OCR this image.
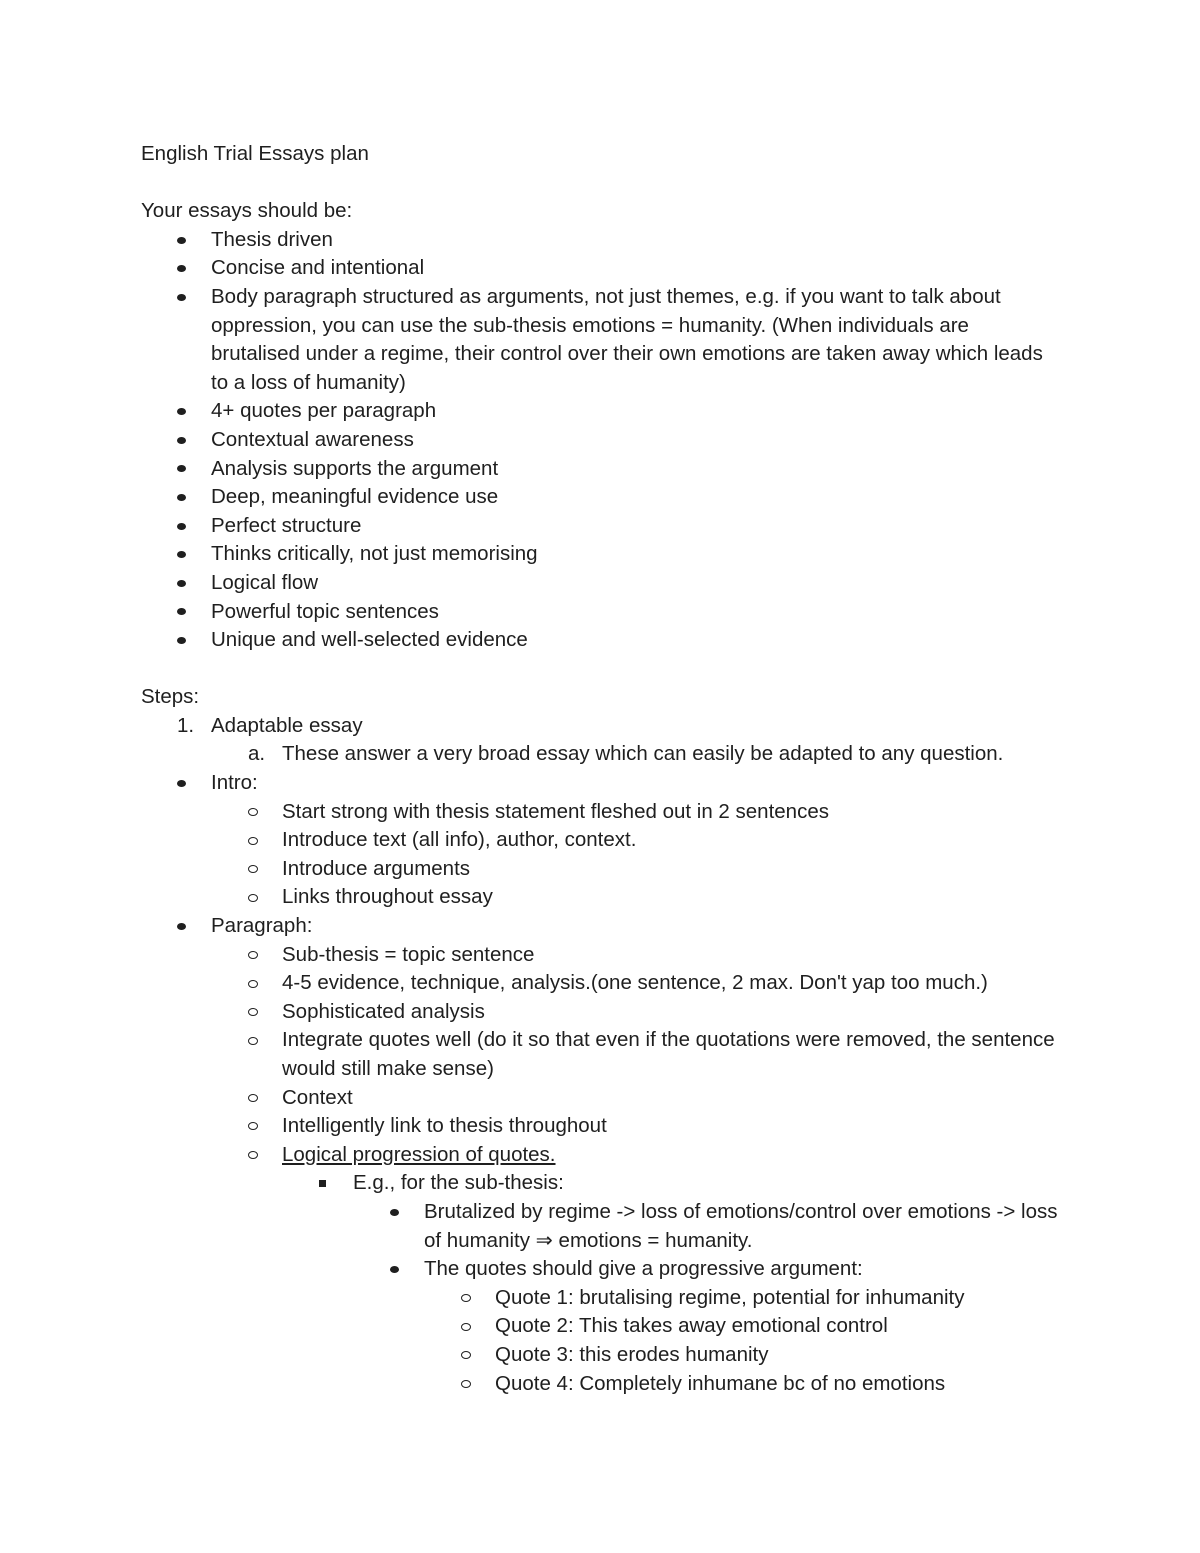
English Trial Essays plan
Your essays should be:
Thesis driven
Concise and intentional
Body paragraph structured as arguments, not just themes, e.g. if you want to talk about oppression, you can use the sub-thesis emotions = humanity. (When individuals are brutalised under a regime, their control over their own emotions are taken away which leads to a loss of humanity)
4+ quotes per paragraph
Contextual awareness
Analysis supports the argument
Deep, meaningful evidence use
Perfect structure
Thinks critically, not just memorising
Logical flow
Powerful topic sentences
Unique and well-selected evidence
Steps:
1. Adaptable essay
a. These answer a very broad essay which can easily be adapted to any question.
Intro:
Start strong with thesis statement fleshed out in 2 sentences
Introduce text (all info), author, context.
Introduce arguments
Links throughout essay
Paragraph:
Sub-thesis = topic sentence
4-5 evidence, technique, analysis.(one sentence, 2 max. Don't yap too much.)
Sophisticated analysis
Integrate quotes well (do it so that even if the quotations were removed, the sentence would still make sense)
Context
Intelligently link to thesis throughout
Logical progression of quotes.
E.g., for the sub-thesis:
Brutalized by regime -> loss of emotions/control over emotions -> loss of humanity ⇒ emotions = humanity.
The quotes should give a progressive argument:
Quote 1: brutalising regime, potential for inhumanity
Quote 2: This takes away emotional control
Quote 3: this erodes humanity
Quote 4: Completely inhumane bc of no emotions
